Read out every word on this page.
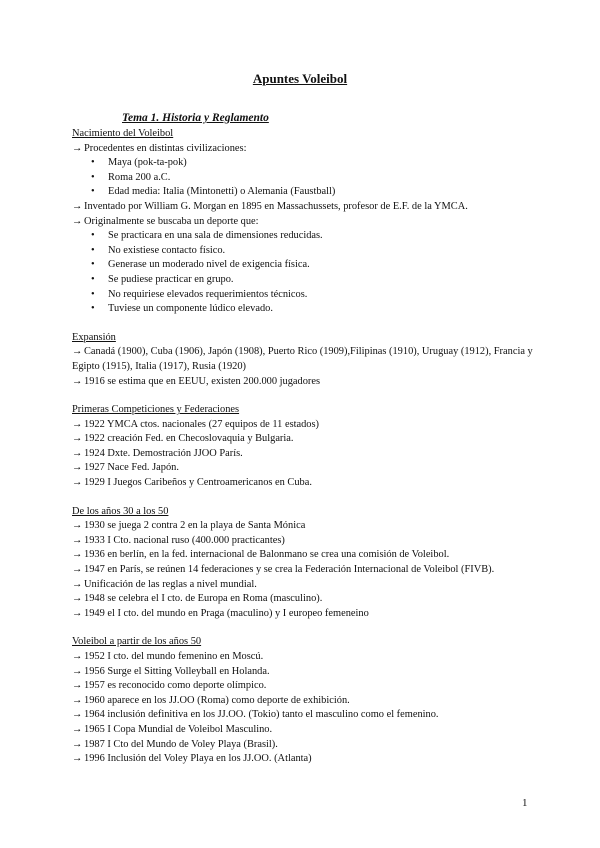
Apuntes Voleibol
Tema 1. Historia y Reglamento

Nacimiento del Voleibol

→ Procedentes en distintas civilizaciones:

• Maya (pok-ta-pok)
• Roma 200 a.C.
• Edad media: Italia (Mintonetti) o Alemania (Faustball)

→ Inventado por William G. Morgan en 1895 en Massachussets, profesor de E.F. de la YMCA.

→ Originalmente se buscaba un deporte que:

• Se practicara en una sala de dimensiones reducidas.
• No existiese contacto físico.
• Generase un moderado nivel de exigencia física.
• Se pudiese practicar en grupo.
• No requiriese elevados requerimientos técnicos.
• Tuviese un componente lúdico elevado.

Expansión

→ Canadá (1900), Cuba (1906), Japón (1908), Puerto Rico (1909),Filipinas (1910), Uruguay (1912), Francia y Egipto (1915), Italia (1917), Rusia (1920)

→ 1916 se estima que en EEUU, existen 200.000 jugadores

Primeras Competiciones y Federaciones

→ 1922 YMCA ctos. nacionales (27 equipos de 11 estados)

→ 1922 creación Fed. en Checoslovaquia y Bulgaria.

→ 1924 Dxte. Demostración JJOO París.

→ 1927 Nace Fed. Japón.

→ 1929 I Juegos Caribeños y Centroamericanos en Cuba.

De los años 30 a los 50

→ 1930 se juega 2 contra 2 en la playa de Santa Mónica

→ 1933 I Cto. nacional ruso (400.000 practicantes)

→ 1936 en berlín, en la fed. internacional de Balonmano se crea una comisión de Voleibol.

→ 1947 en París, se reúnen 14 federaciones y se crea la Federación Internacional de Voleibol (FIVB).

→ Unificación de las reglas a nivel mundial.

→ 1948 se celebra el I cto. de Europa en Roma (masculino).

→ 1949 el I cto. del mundo en Praga (maculino) y I europeo femeneino

Voleibol a partir de los años 50

→ 1952 I cto. del mundo femenino en Moscú.

→ 1956 Surge el Sitting Volleyball en Holanda.

→ 1957 es reconocido como deporte olímpico.

→ 1960 aparece en los JJ.OO (Roma) como deporte de exhibición.

→ 1964 inclusión definitiva en los JJ.OO. (Tokio) tanto el masculino como el femenino.

→ 1965 I Copa Mundial de Voleibol Masculino.

→ 1987 I Cto del Mundo de Voley Playa (Brasil).

→ 1996 Inclusión del Voley Playa en los JJ.OO. (Atlanta)

1
